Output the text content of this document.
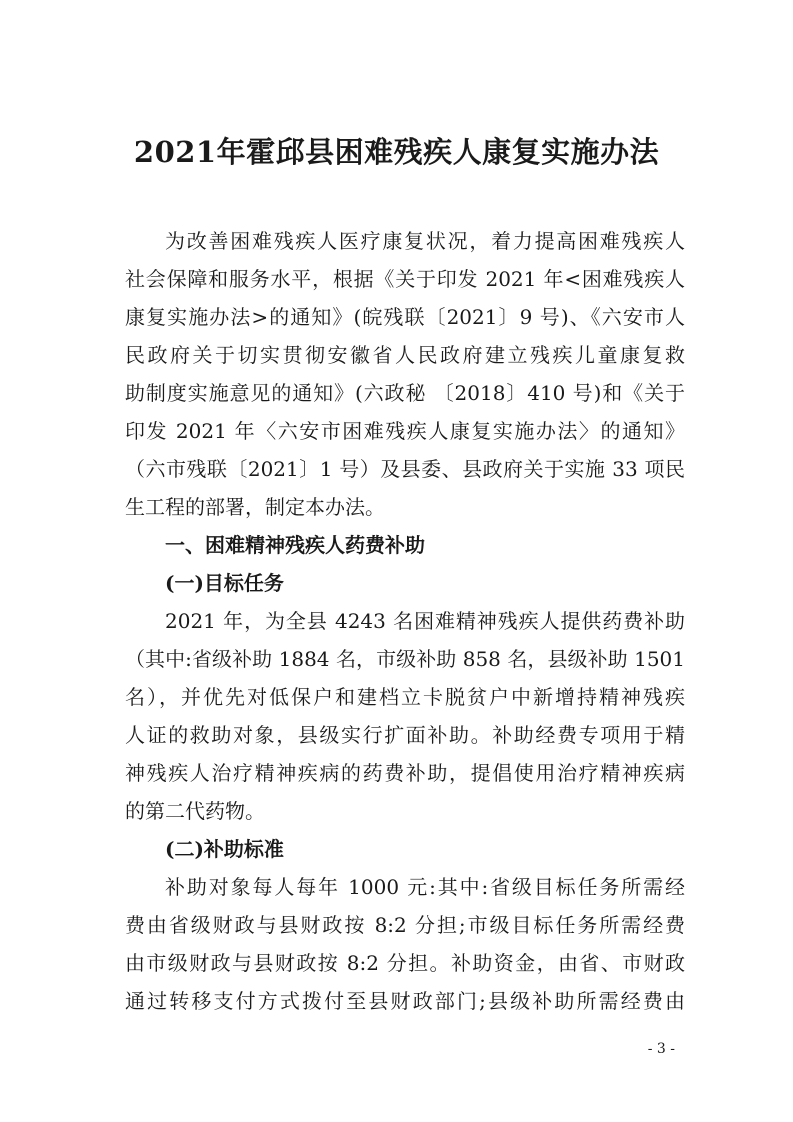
2021年霍邱县困难残疾人康复实施办法

为改善困难残疾人医疗康复状况，着力提高困难残疾人

社会保障和服务水平，根据《关于印发 2021 年<困难残疾人

康复实施办法>的通知》(皖残联〔2021〕9 号)、《六安市人

民政府关于切实贯彻安徽省人民政府建立残疾儿童康复救

助制度实施意见的通知》(六政秘 〔2018〕410 号)和《关于

印发 2021 年〈六安市困难残疾人康复实施办法〉的通知》

（六市残联〔2021〕1 号）及县委、县政府关于实施 33 项民

生工程的部署，制定本办法。

一、困难精神残疾人药费补助
(一)目标任务

2021 年，为全县 4243 名困难精神残疾人提供药费补助

（其中:省级补助 1884 名，市级补助 858 名，县级补助 1501

名），并优先对低保户和建档立卡脱贫户中新增持精神残疾

人证的救助对象，县级实行扩面补助。补助经费专项用于精

神残疾人治疗精神疾病的药费补助，提倡使用治疗精神疾病

的第二代药物。

(二)补助标准

补助对象每人每年 1000 元:其中:省级目标任务所需经

费由省级财政与县财政按 8:2 分担;市级目标任务所需经费

由市级财政与县财政按 8:2 分担。补助资金，由省、市财政

通过转移支付方式拨付至县财政部门;县级补助所需经费由

- 3 -
